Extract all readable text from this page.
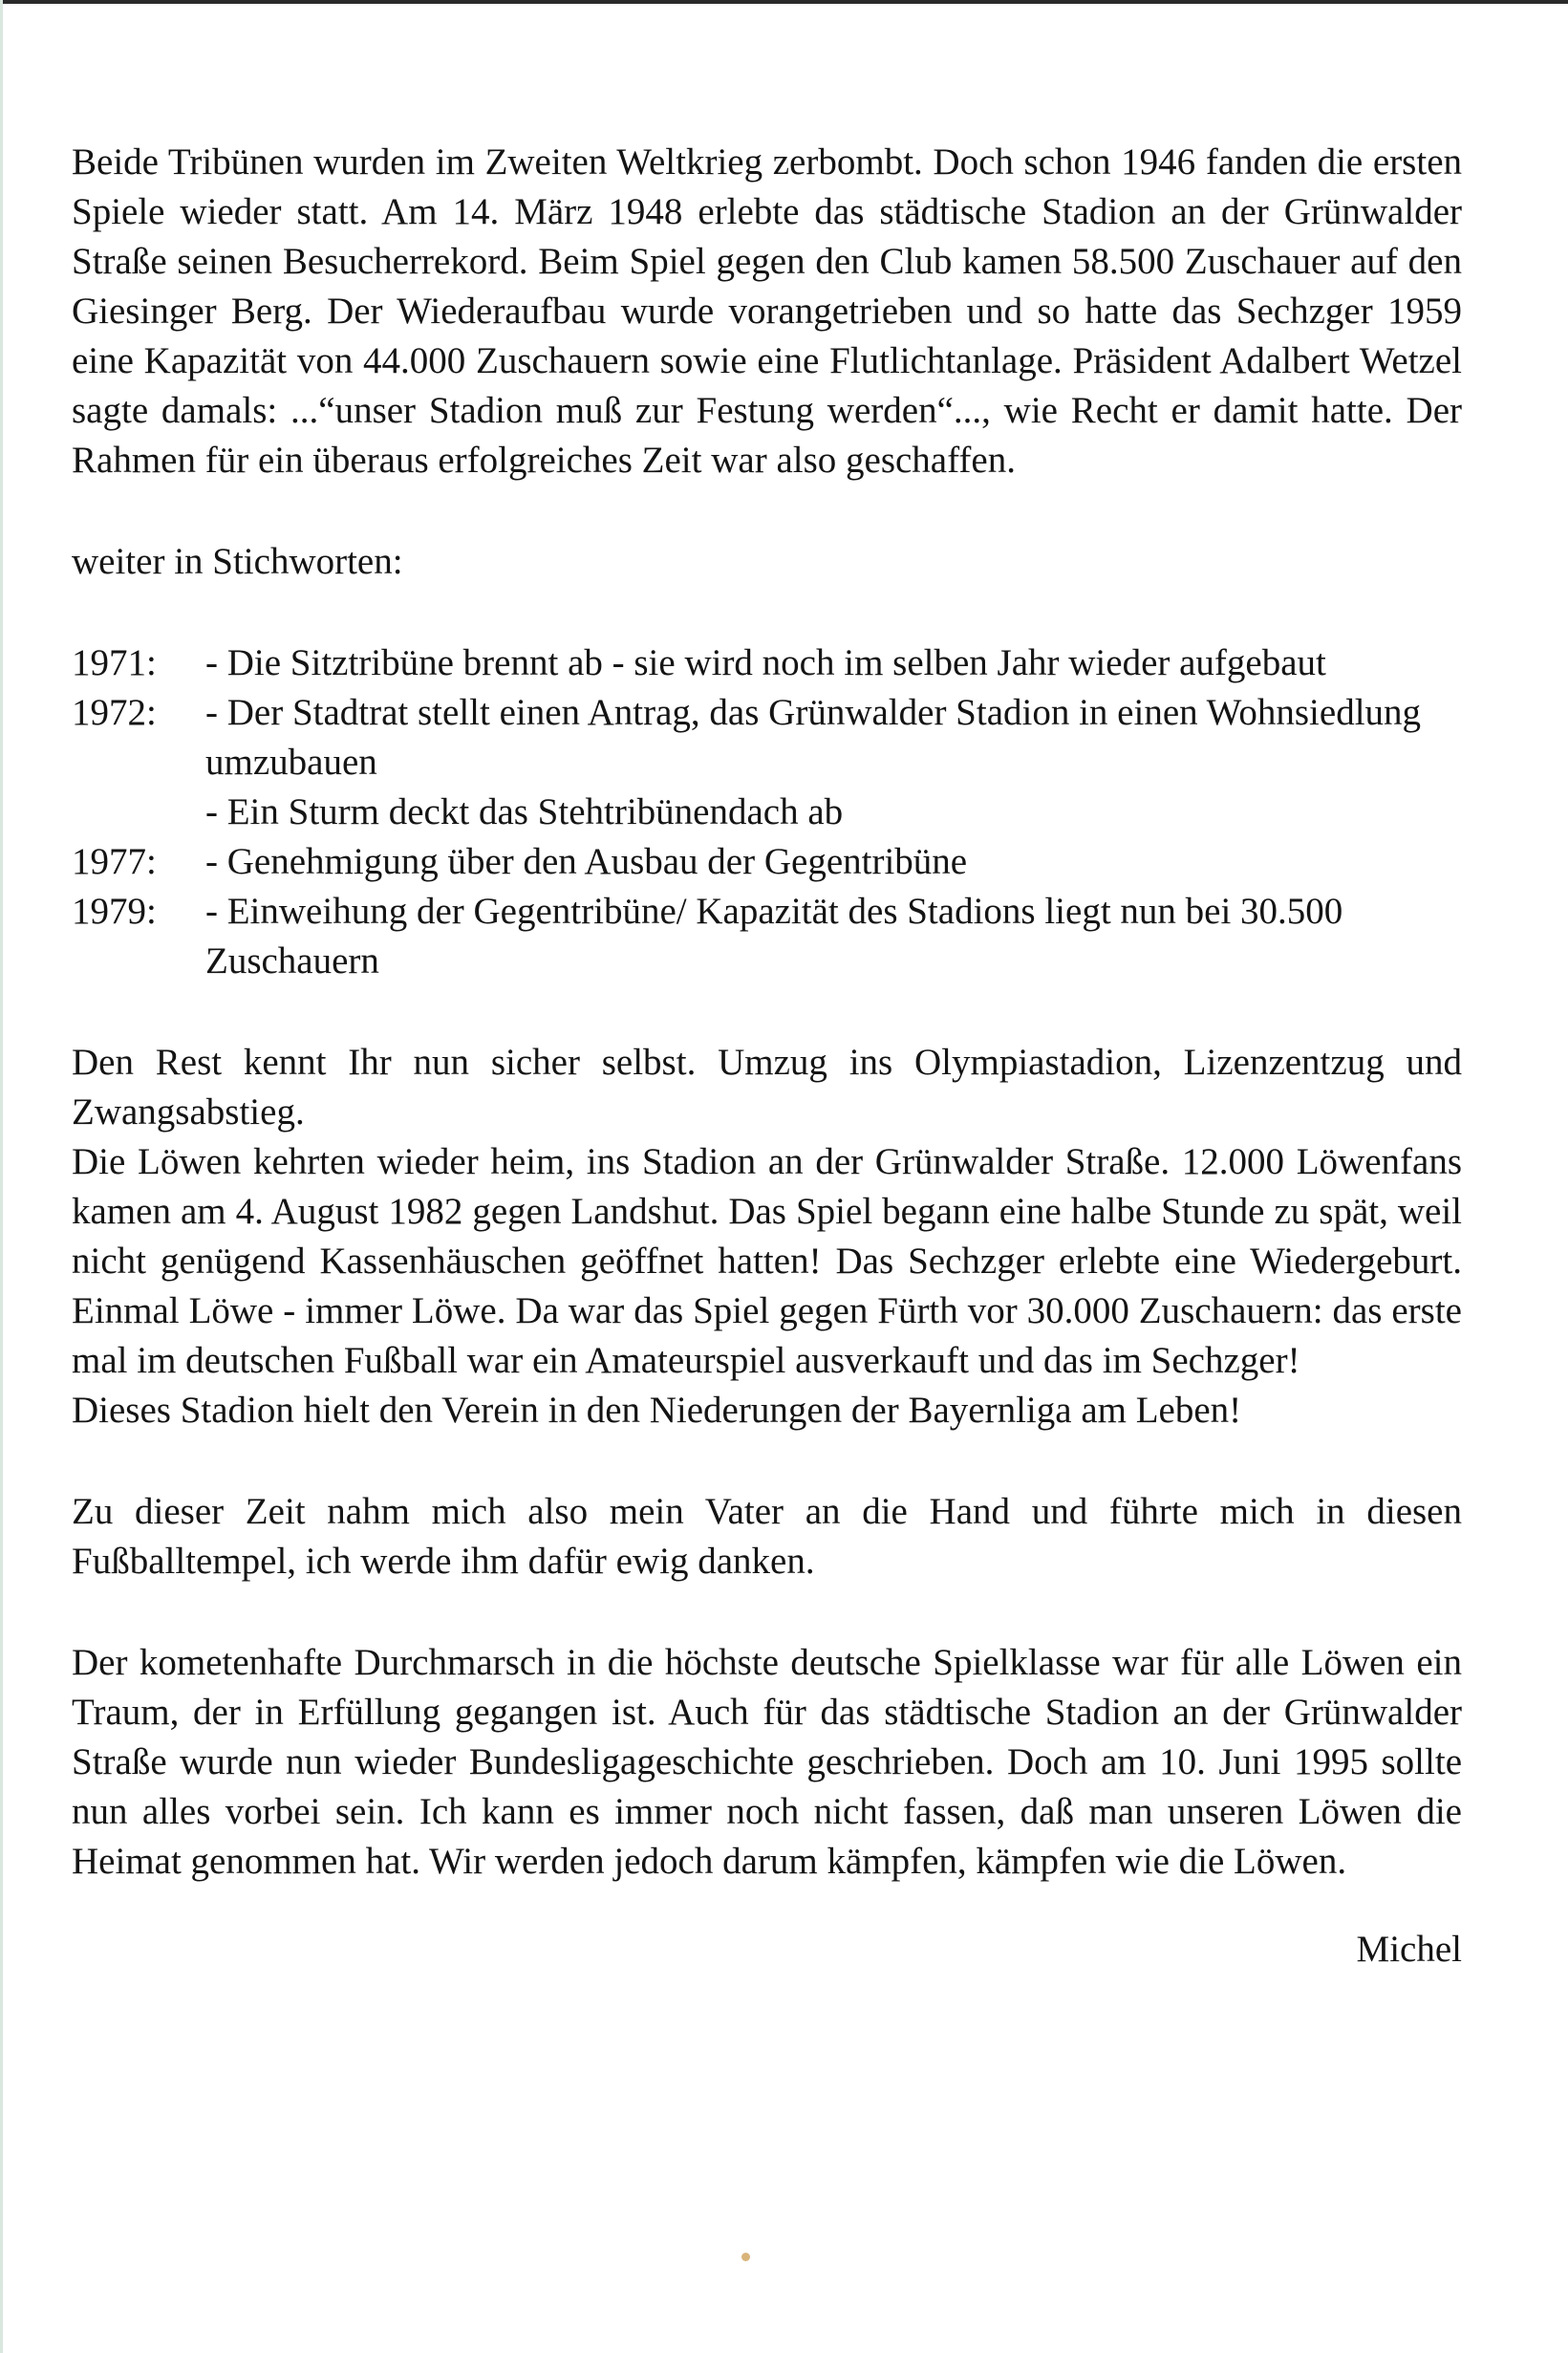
Beide Tribünen wurden im Zweiten Weltkrieg zerbombt. Doch schon 1946 fanden die ersten Spiele wieder statt. Am 14. März 1948 erlebte das städtische Stadion an der Grünwalder Straße seinen Besucherrekord. Beim Spiel gegen den Club kamen 58.500 Zuschauer auf den Giesinger Berg. Der Wiederaufbau wurde vorangetrieben und so hatte das Sechzger 1959 eine Kapazität von 44.000 Zuschauern sowie eine Flutlichtanlage. Präsident Adalbert Wetzel sagte damals: ...“unser Stadion muß zur Festung werden“..., wie Recht er damit hatte. Der Rahmen für ein überaus erfolgreiches Zeit war also geschaffen.

weiter in Stichworten:

1971:	- Die Sitztribüne brennt ab - sie wird noch im selben Jahr wieder aufgebaut

1972:	- Der Stadtrat stellt einen Antrag, das Grünwalder Stadion in einen Wohnsiedlung umzubauen

- Ein Sturm deckt das Stehtribünendach ab

1977:	- Genehmigung über den Ausbau der Gegentribüne

1979:	- Einweihung der Gegentribüne/ Kapazität des Stadions liegt nun bei 30.500 Zuschauern

Den Rest kennt Ihr nun sicher selbst. Umzug ins Olympiastadion, Lizenzentzug und Zwangsabstieg.

Die Löwen kehrten wieder heim, ins Stadion an der Grünwalder Straße. 12.000 Löwenfans kamen am 4. August 1982 gegen Landshut. Das Spiel begann eine halbe Stunde zu spät, weil nicht genügend Kassenhäuschen geöffnet hatten! Das Sechzger erlebte eine Wiedergeburt. Einmal Löwe - immer Löwe. Da war das Spiel gegen Fürth vor 30.000 Zuschauern: das erste mal im deutschen Fußball war ein Amateurspiel ausverkauft und das im Sechzger!

Dieses Stadion hielt den Verein in den Niederungen der Bayernliga am Leben!

Zu dieser Zeit nahm mich also mein Vater an die Hand und führte mich in diesen Fußballtempel, ich werde ihm dafür ewig danken.

Der kometenhafte Durchmarsch in die höchste deutsche Spielklasse war für alle Löwen ein Traum, der in Erfüllung gegangen ist. Auch für das städtische Stadion an der Grünwalder Straße wurde nun wieder Bundesligageschichte geschrieben. Doch am 10. Juni 1995 sollte nun alles vorbei sein. Ich kann es immer noch nicht fassen, daß man unseren Löwen die Heimat genommen hat. Wir werden jedoch darum kämpfen, kämpfen wie die Löwen.

Michel
